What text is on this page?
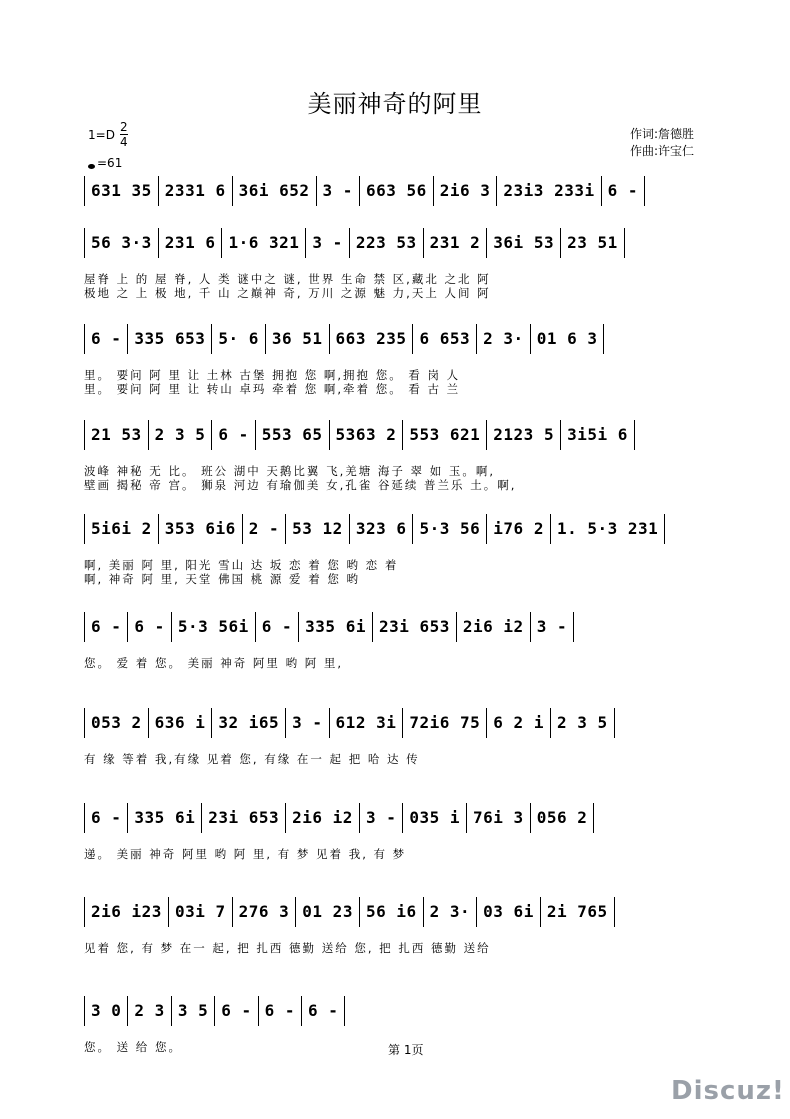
美丽神奇的阿里
1=D
2
4
=61
作词:詹德胜
作曲:许宝仁
631 35 2331 6 36i 652 3 - 663 56 2i6 3 23i3 233i 6 -
56 3·3 231 6 1·6 321 3 - 223 53 231 2 36i 53 23 51
屋脊 上 的 屋 脊, 人 类 谜中之 谜, 世界 生命 禁 区,藏北 之北 阿
极地 之 上 极 地, 千 山 之巅神 奇, 万川 之源 魅 力,天上 人间 阿
6 - 335 653 5· 6 36 51 663 235 6 653 2 3· 01 6 3
里。 要问 阿 里 让 土林 古堡 拥抱 您 啊,拥抱 您。 看 岗 人
里。 要问 阿 里 让 转山 卓玛 牵着 您 啊,牵着 您。 看 古 兰
21 53 2 3 5 6 - 553 65 5363 2 553 621 2123 5 3i5i 6
波峰 神秘 无 比。 班公 湖中 天鹅比翼 飞,羌塘 海子 翠 如 玉。啊,
壁画 揭秘 帝 宫。 狮泉 河边 有瑜伽美 女,孔雀 谷延续 普兰乐 土。啊,
5i6i 2 353 6i6 2 - 53 12 323 6 5·3 56 i76 2 1. 5·3 231
啊, 美丽 阿 里, 阳光 雪山 达 坂 恋 着 您 哟 恋 着
啊, 神奇 阿 里, 天堂 佛国 桃 源 爱 着 您 哟
6 - 6 - 5·3 56i 6 - 335 6i 23i 653 2i6 i2 3 -
您。 爱 着 您。 美丽 神奇 阿里 哟 阿 里,
053 2 636 i 32 i65 3 - 612 3i 72i6 75 6 2 i 2 3 5
有 缘 等着 我,有缘 见着 您, 有缘 在一 起 把 哈 达 传
6 - 335 6i 23i 653 2i6 i2 3 - 035 i 76i 3 056 2
递。 美丽 神奇 阿里 哟 阿 里, 有 梦 见着 我, 有 梦
2i6 i23 03i 7 276 3 01 23 56 i6 2 3· 03 6i 2i 765
见着 您, 有 梦 在一 起, 把 扎西 德勤 送给 您, 把 扎西 德勤 送给
3 0 2 3 3 5 6 - 6 - 6 -
您。 送 给 您。	第 1页
Discuz!
